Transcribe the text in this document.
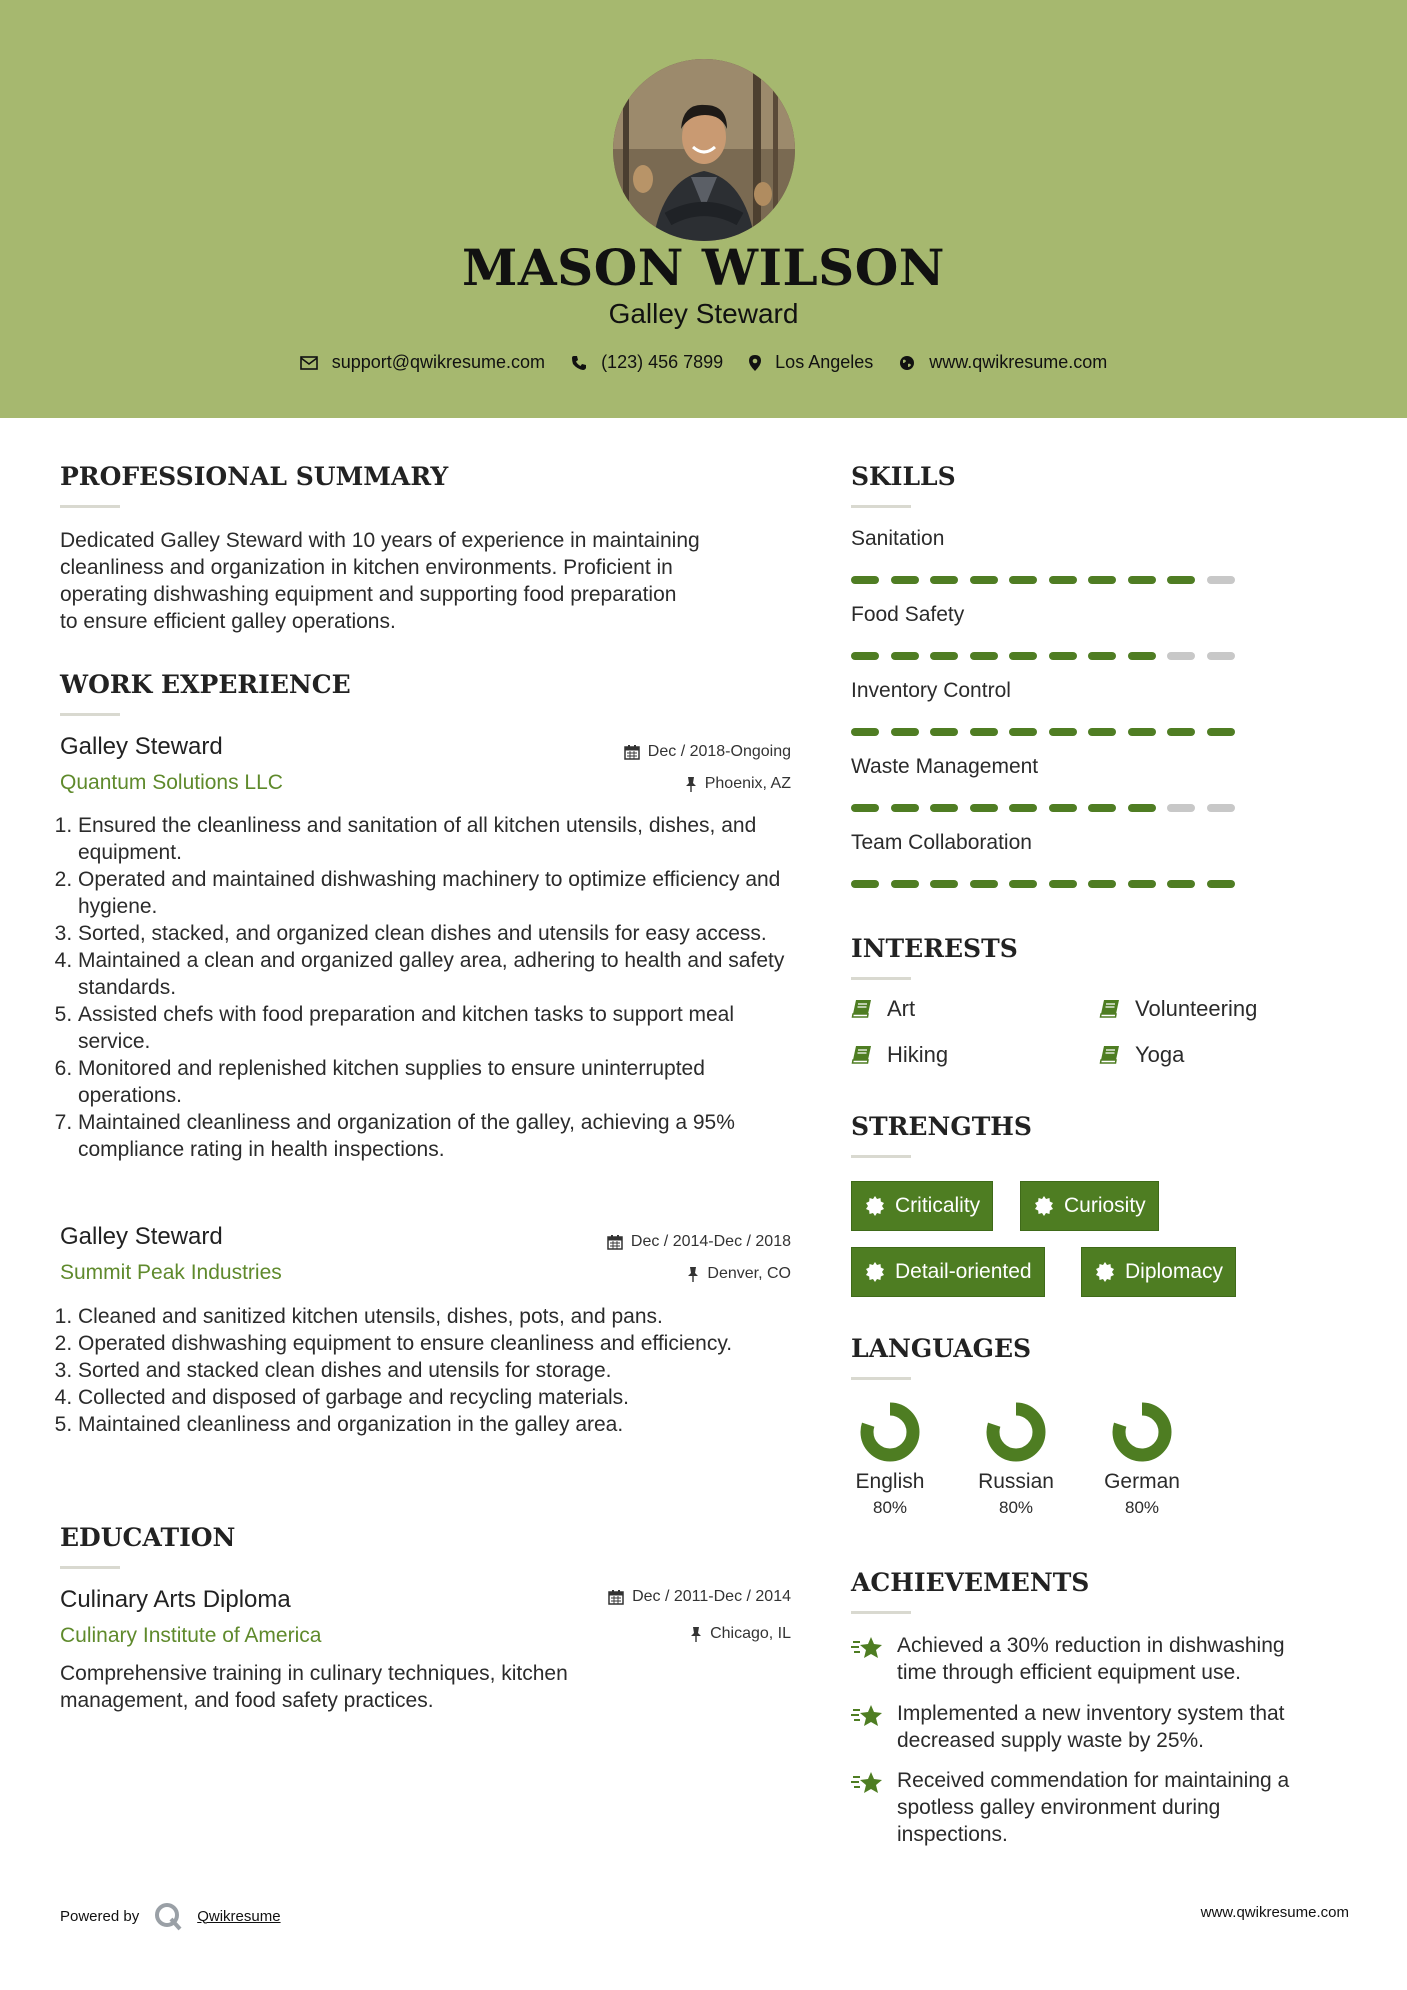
MASON WILSON
Galley Steward
support@qwikresume.com	(123) 456 7899	Los Angeles	www.qwikresume.com
PROFESSIONAL SUMMARY
Dedicated Galley Steward with 10 years of experience in maintaining
cleanliness and organization in kitchen environments. Proficient in
operating dishwashing equipment and supporting food preparation
to ensure efficient galley operations.
WORK EXPERIENCE
Galley Steward
Quantum Solutions LLC
Dec / 2018-Ongoing
Phoenix, AZ
1. Ensured the cleanliness and sanitation of all kitchen utensils, dishes, and equipment.
2. Operated and maintained dishwashing machinery to optimize efficiency and hygiene.
3. Sorted, stacked, and organized clean dishes and utensils for easy access.
4. Maintained a clean and organized galley area, adhering to health and safety standards.
5. Assisted chefs with food preparation and kitchen tasks to support meal service.
6. Monitored and replenished kitchen supplies to ensure uninterrupted operations.
7. Maintained cleanliness and organization of the galley, achieving a 95% compliance rating in health inspections.
Galley Steward
Summit Peak Industries
Dec / 2014-Dec / 2018
Denver, CO
1. Cleaned and sanitized kitchen utensils, dishes, pots, and pans.
2. Operated dishwashing equipment to ensure cleanliness and efficiency.
3. Sorted and stacked clean dishes and utensils for storage.
4. Collected and disposed of garbage and recycling materials.
5. Maintained cleanliness and organization in the galley area.
EDUCATION
Culinary Arts Diploma
Culinary Institute of America
Dec / 2011-Dec / 2014
Chicago, IL
Comprehensive training in culinary techniques, kitchen
management, and food safety practices.
SKILLS
Sanitation
Food Safety
Inventory Control
Waste Management
Team Collaboration
INTERESTS
Art	Volunteering
Hiking	Yoga
STRENGTHS
Criticality	Curiosity
Detail-oriented	Diplomacy
LANGUAGES
English
80%
Russian
80%
German
80%
ACHIEVEMENTS
Achieved a 30% reduction in dishwashing
time through efficient equipment use.
Implemented a new inventory system that
decreased supply waste by 25%.
Received commendation for maintaining a
spotless galley environment during
inspections.
Powered by	Qwikresume	www.qwikresume.com
